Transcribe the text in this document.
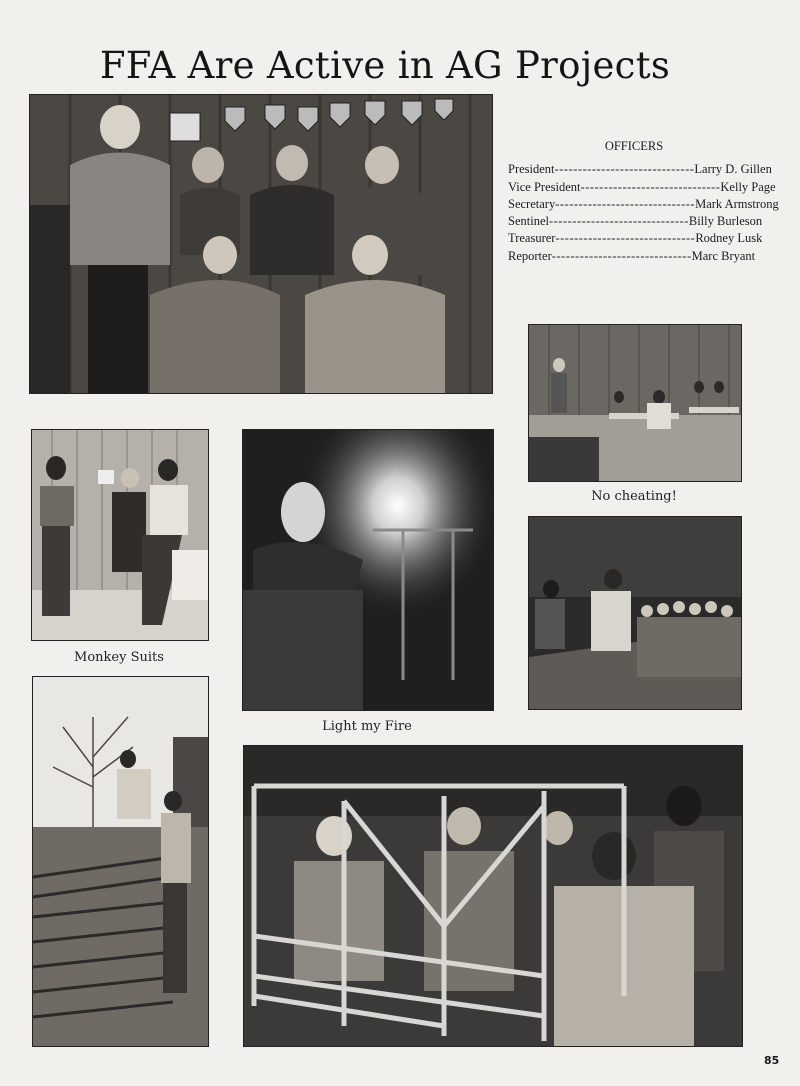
FFA Are Active in AG Projects
OFFICERS
President ------------------------------ Larry D. Gillen
Vice President ------------------------------ Kelly Page
Secretary ------------------------------ Mark Armstrong
Sentinel ------------------------------ Billy Burleson
Treasurer ------------------------------ Rodney Lusk
Reporter ------------------------------ Marc Bryant
No cheating!
Monkey Suits
Light my Fire
85
